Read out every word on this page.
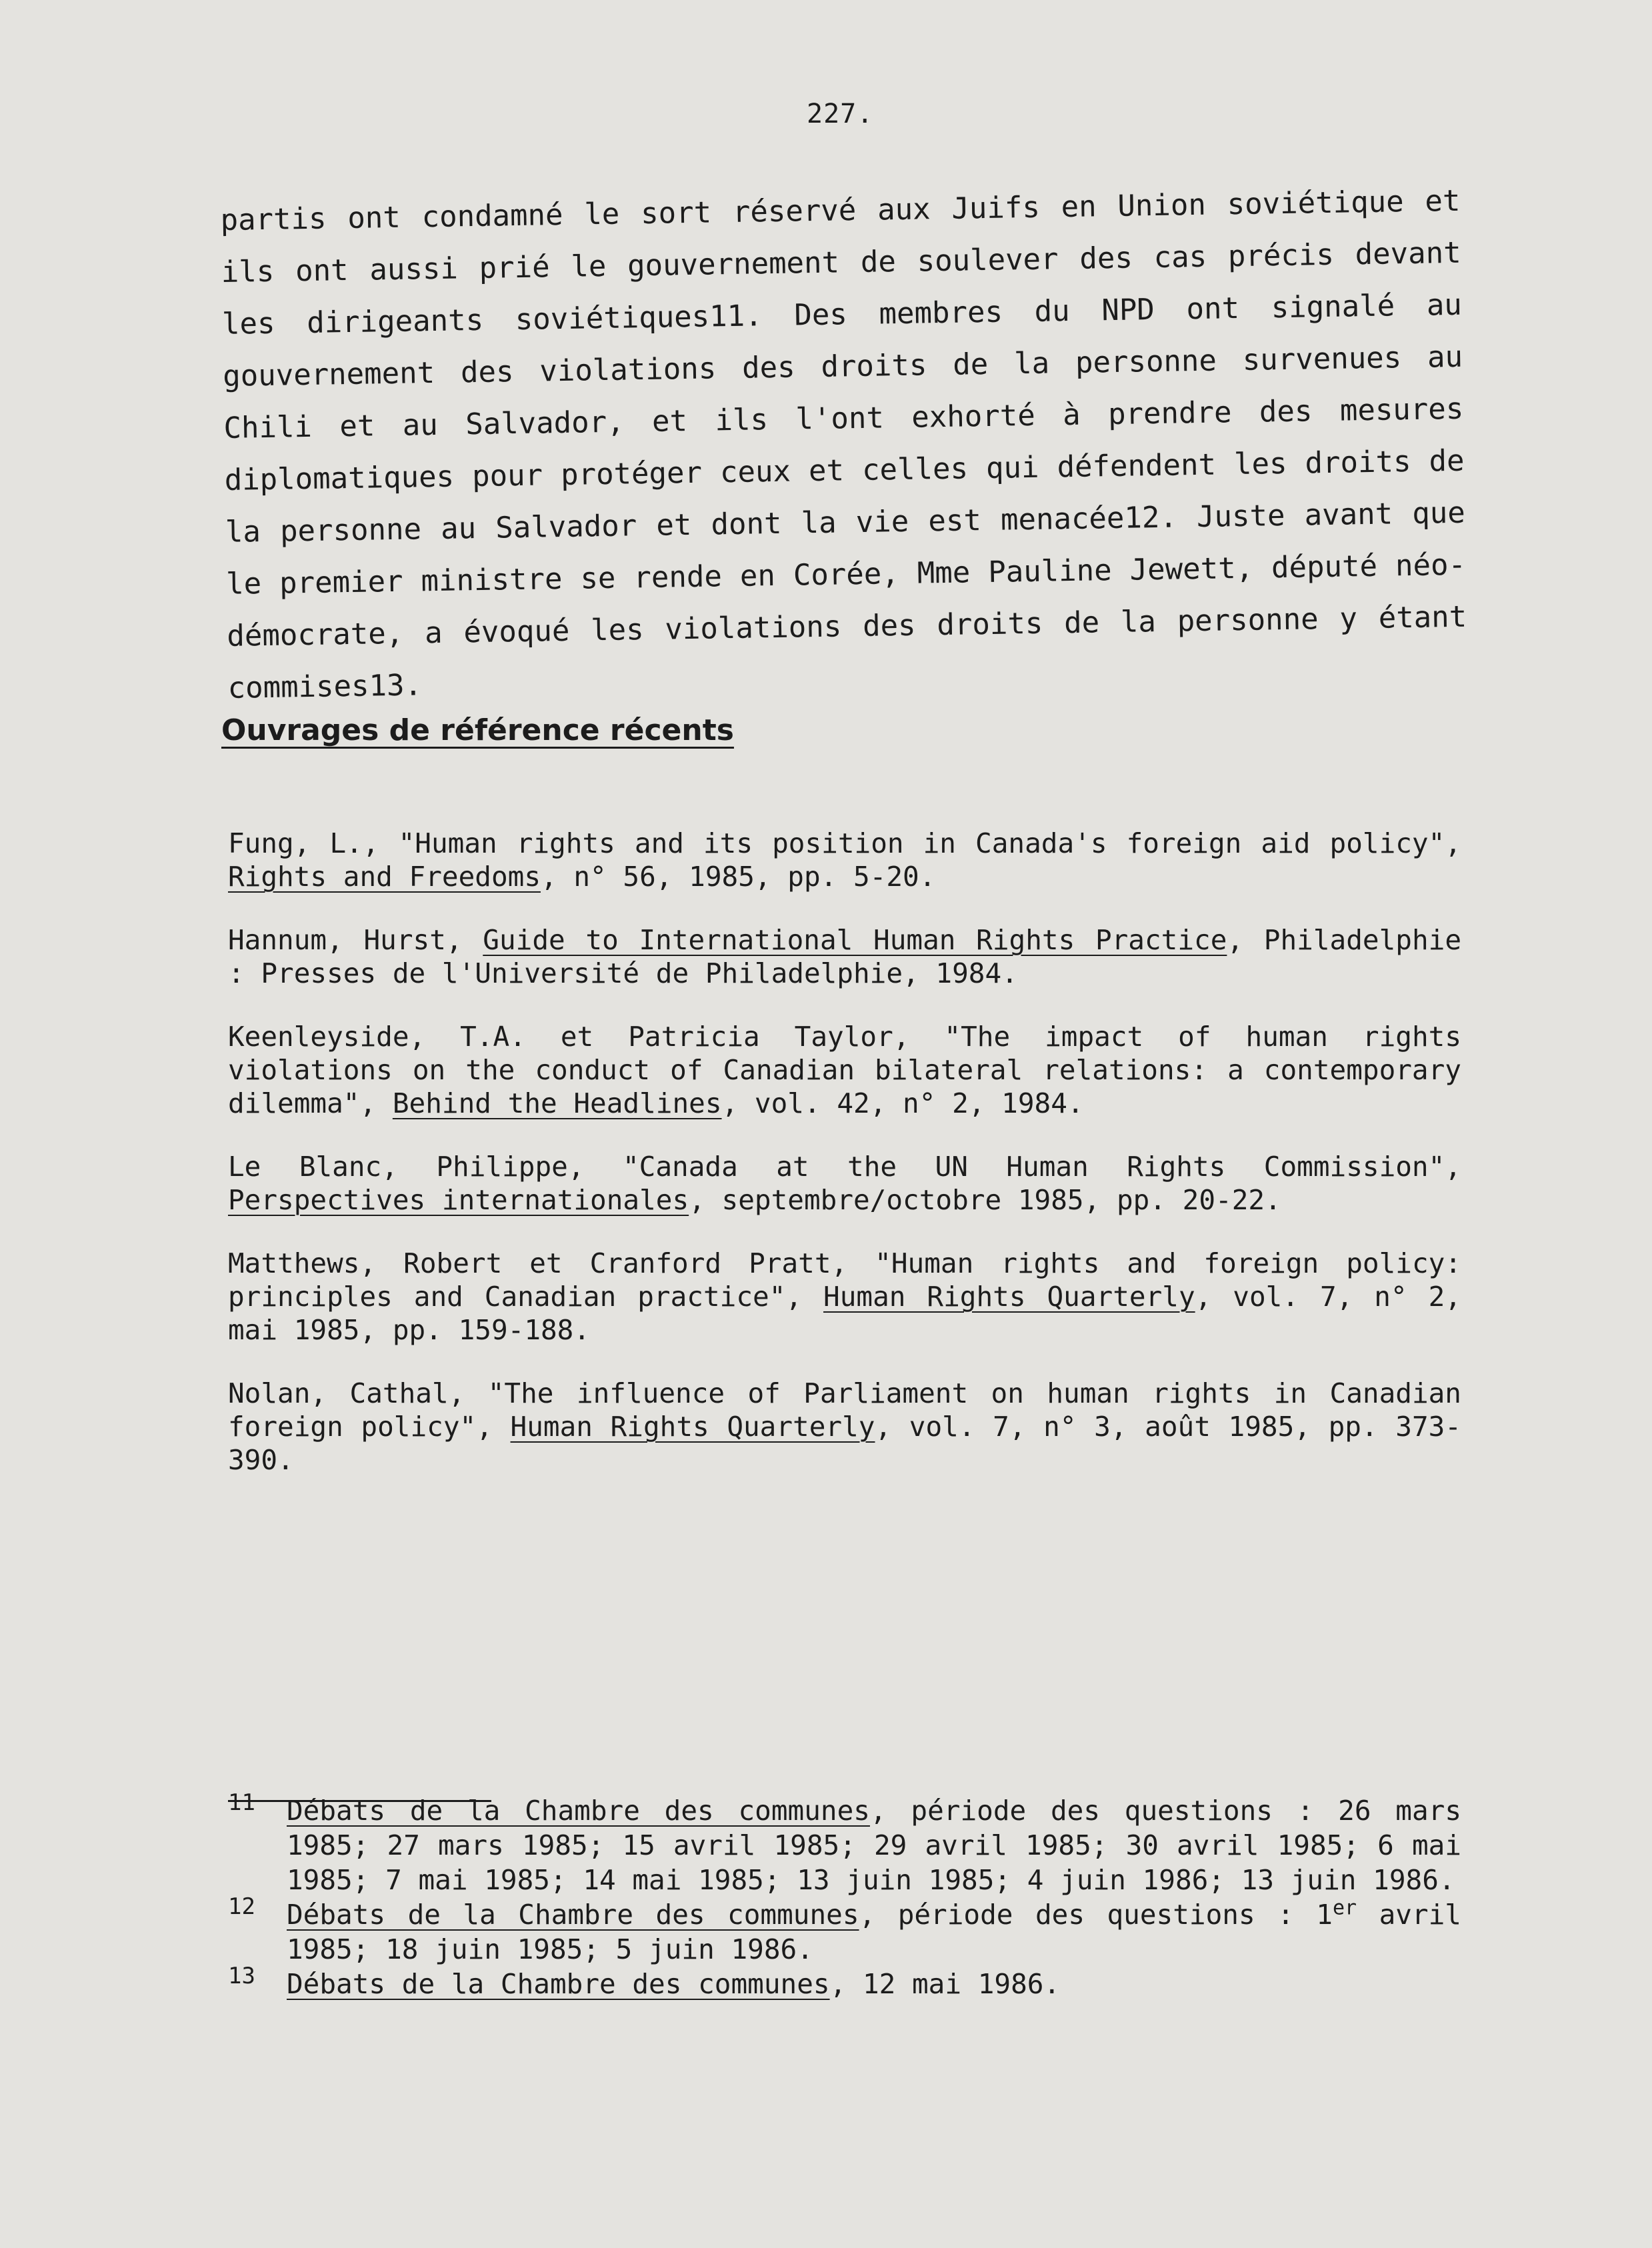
227.
partis ont condamné le sort réservé aux Juifs en Union soviétique et ils ont aussi prié le gouvernement de soulever des cas précis devant les dirigeants soviétiques11. Des membres du NPD ont signalé au gouvernement des violations des droits de la personne survenues au Chili et au Salvador, et ils l'ont exhorté à prendre des mesures diplomatiques pour protéger ceux et celles qui défendent les droits de la personne au Salvador et dont la vie est menacée12. Juste avant que le premier ministre se rende en Corée, Mme Pauline Jewett, député néo-démocrate, a évoqué les violations des droits de la personne y étant commises13.
Ouvrages de référence récents

Fung, L., "Human rights and its position in Canada's foreign aid policy", Rights and Freedoms, n° 56, 1985, pp. 5-20.

Hannum, Hurst, Guide to International Human Rights Practice, Philadelphie : Presses de l'Université de Philadelphie, 1984.

Keenleyside, T.A. et Patricia Taylor, "The impact of human rights violations on the conduct of Canadian bilateral relations: a contemporary dilemma", Behind the Headlines, vol. 42, n° 2, 1984.

Le Blanc, Philippe, "Canada at the UN Human Rights Commission", Perspectives internationales, septembre/octobre 1985, pp. 20-22.

Matthews, Robert et Cranford Pratt, "Human rights and foreign policy: principles and Canadian practice", Human Rights Quarterly, vol. 7, n° 2, mai 1985, pp. 159-188.

Nolan, Cathal, "The influence of Parliament on human rights in Canadian foreign policy", Human Rights Quarterly, vol. 7, n° 3, août 1985, pp. 373-390.

11	Débats de la Chambre des communes, période des questions : 26 mars 1985; 27 mars 1985; 15 avril 1985; 29 avril 1985; 30 avril 1985; 6 mai 1985; 7 mai 1985; 14 mai 1985; 13 juin 1985; 4 juin 1986; 13 juin 1986.
12	Débats de la Chambre des communes, période des questions : 1er avril 1985; 18 juin 1985; 5 juin 1986.
13	Débats de la Chambre des communes, 12 mai 1986.
